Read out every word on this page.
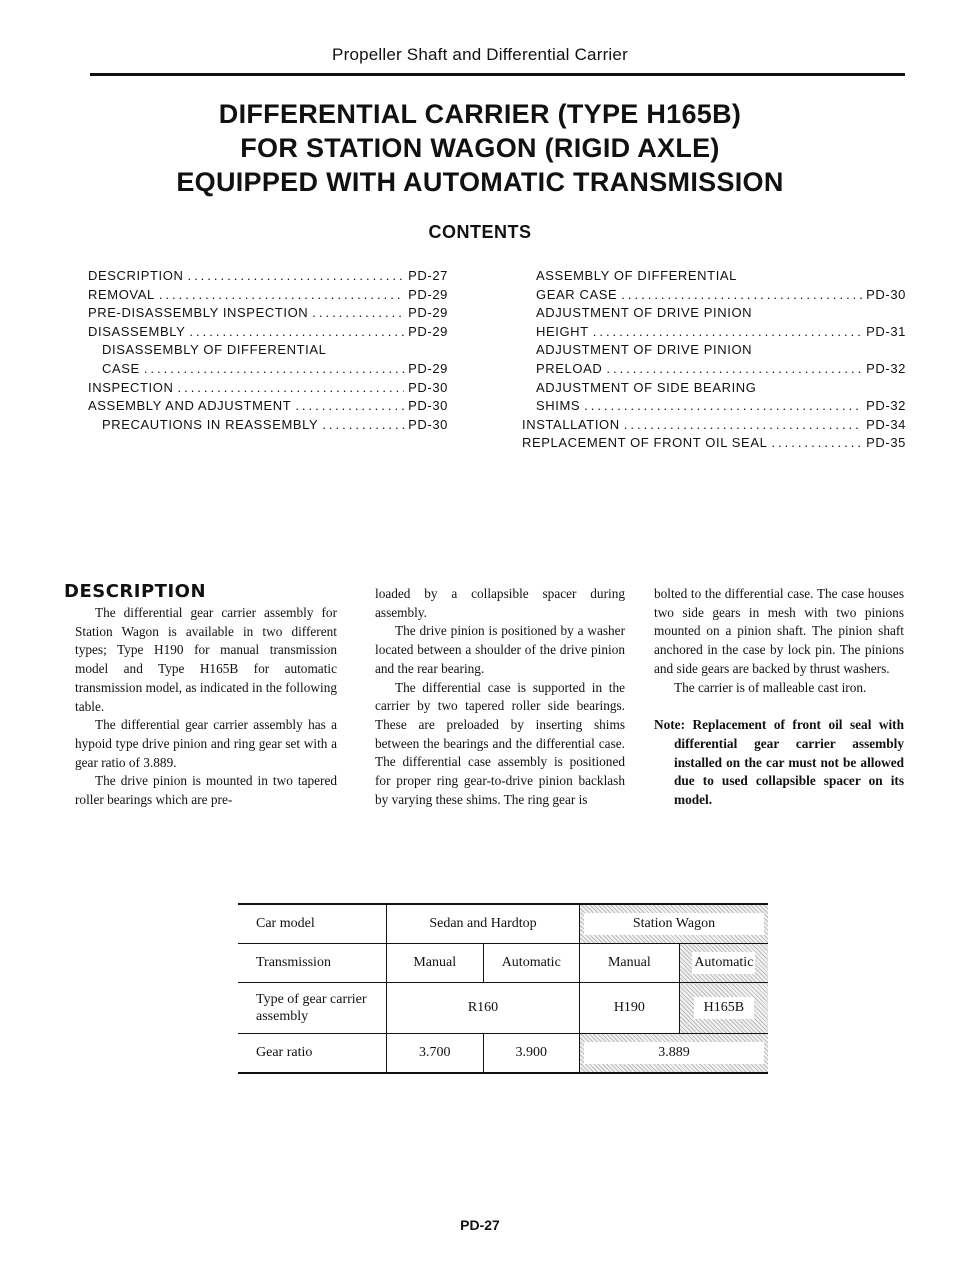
Propeller Shaft and Differential Carrier
DIFFERENTIAL CARRIER (TYPE H165B)
FOR STATION WAGON (RIGID AXLE)
EQUIPPED WITH AUTOMATIC TRANSMISSION
CONTENTS
DESCRIPTION .....	PD-27
REMOVAL .....	PD-29
PRE-DISASSEMBLY INSPECTION .....	PD-29
DISASSEMBLY .....	PD-29
DISASSEMBLY OF DIFFERENTIAL
CASE .....	PD-29
INSPECTION .....	PD-30
ASSEMBLY AND ADJUSTMENT .....	PD-30
PRECAUTIONS IN REASSEMBLY .....	PD-30
ASSEMBLY OF DIFFERENTIAL
GEAR CASE .....	PD-30
ADJUSTMENT OF DRIVE PINION
HEIGHT .....	PD-31
ADJUSTMENT OF DRIVE PINION
PRELOAD .....	PD-32
ADJUSTMENT OF SIDE BEARING
SHIMS .....	PD-32
INSTALLATION .....	PD-34
REPLACEMENT OF FRONT OIL SEAL .....	PD-35
DESCRIPTION

The differential gear carrier assembly for Station Wagon is available in two different types; Type H190 for manual transmission model and Type H165B for automatic transmission model, as indicated in the following table.

The differential gear carrier assembly has a hypoid type drive pinion and ring gear set with a gear ratio of 3.889.

The drive pinion is mounted in two tapered roller bearings which are pre-

loaded by a collapsible spacer during assembly.

The drive pinion is positioned by a washer located between a shoulder of the drive pinion and the rear bearing.

The differential case is supported in the carrier by two tapered roller side bearings. These are preloaded by inserting shims between the bearings and the differential case. The differential case assembly is positioned for proper ring gear-to-drive pinion backlash by varying these shims. The ring gear is

bolted to the differential case. The case houses two side gears in mesh with two pinions mounted on a pinion shaft. The pinion shaft anchored in the case by lock pin. The pinions and side gears are backed by thrust washers.

The carrier is of malleable cast iron.

Note: Replacement of front oil seal with differential gear carrier assembly installed on the car must not be allowed due to used collapsible spacer on its model.

Car model	Sedan and Hardtop		Station Wagon	

Transmission	Manual	Automatic	Manual	Automatic
Type of gear carrier assembly	R160		H190	H165B
Gear ratio	3.700	3.900	3.889	
PD-27
